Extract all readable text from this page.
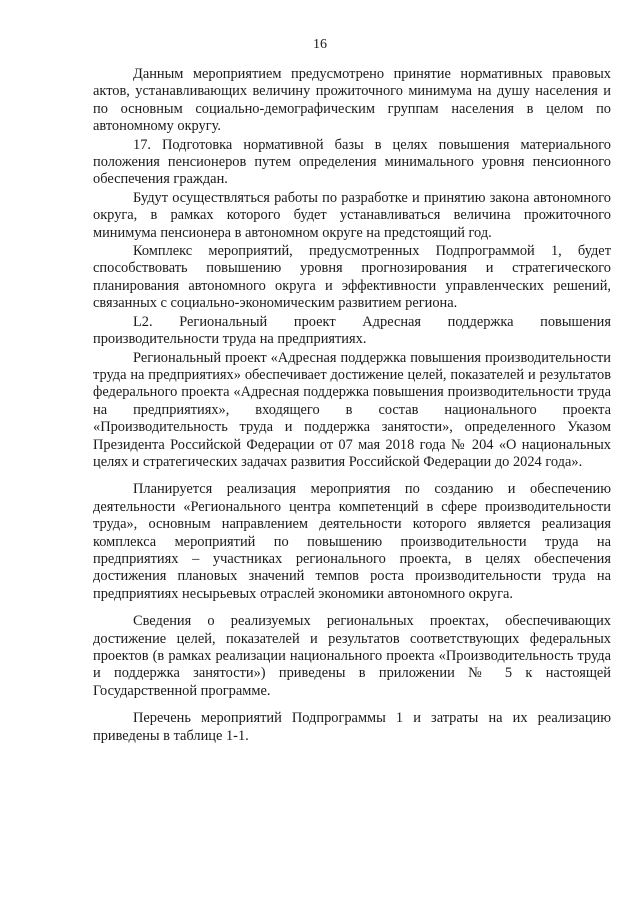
16

Данным мероприятием предусмотрено принятие нормативных правовых актов, устанавливающих величину прожиточного минимума на душу населения и по основным социально-демографическим группам населения в целом по автономному округу.

17. Подготовка нормативной базы в целях повышения материального положения пенсионеров путем определения минимального уровня пенсионного обеспечения граждан.

Будут осуществляться работы по разработке и принятию закона автономного округа, в рамках которого будет устанавливаться величина прожиточного минимума пенсионера в автономном округе на предстоящий год.

Комплекс мероприятий, предусмотренных Подпрограммой 1, будет способствовать повышению уровня прогнозирования и стратегического планирования автономного округа и эффективности управленческих решений, связанных с социально-экономическим развитием региона.

L2. Региональный проект Адресная поддержка повышения производительности труда на предприятиях.

Региональный проект «Адресная поддержка повышения производительности труда на предприятиях» обеспечивает достижение целей, показателей и результатов федерального проекта «Адресная поддержка повышения производительности труда на предприятиях», входящего в состав национального проекта «Производительность труда и поддержка занятости», определенного Указом Президента Российской Федерации от 07 мая 2018 года № 204 «О национальных целях и стратегических задачах развития Российской Федерации до 2024 года».

Планируется реализация мероприятия по созданию и обеспечению деятельности «Регионального центра компетенций в сфере производительности труда», основным направлением деятельности которого является реализация комплекса мероприятий по повышению производительности труда на предприятиях – участниках регионального проекта, в целях обеспечения достижения плановых значений темпов роста производительности труда на предприятиях несырьевых отраслей экономики автономного округа.

Сведения о реализуемых региональных проектах, обеспечивающих достижение целей, показателей и результатов соответствующих федеральных проектов (в рамках реализации национального проекта «Производительность труда и поддержка занятости») приведены в приложении № 5 к настоящей Государственной программе.

Перечень мероприятий Подпрограммы 1 и затраты на их реализацию приведены в таблице 1-1.
